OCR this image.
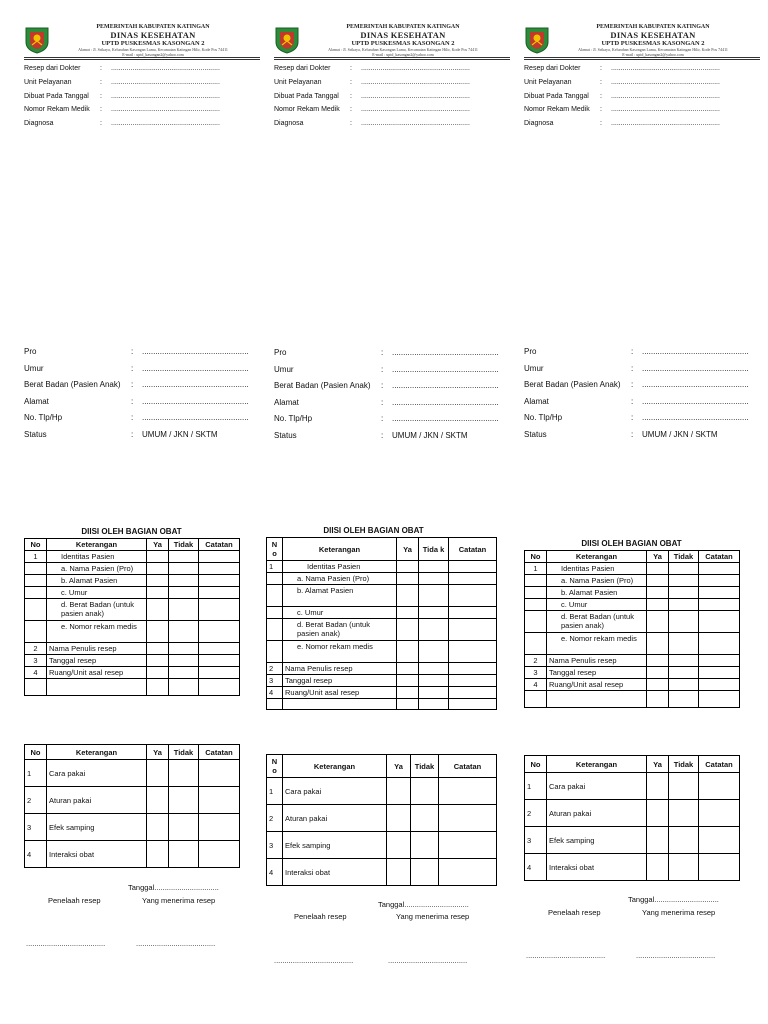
PEMERINTAH KABUPATEN KATINGAN
DINAS KESEHATAN
UPTD PUSKESMAS KASONGAN 2
Alamat : Jl. Srikaya, Kelurahan Kasongan Lama, Kecamatan Katingan Hilir, Kode Pos 74411
E-mail : uptd_kasongan2@yahoo.com
Resep dari Dokter	: ........................................................
Unit Pelayanan	: ........................................................
Dibuat Pada Tanggal : ........................................................
Nomor Rekam Medik : ........................................................
Diagnosa	: ........................................................
Pro	: ................................................
Umur	: ................................................
Berat Badan (Pasien Anak) : ................................................
Alamat	: ................................................
No. Tlp/Hp	: ................................................
Status	: UMUM / JKN / SKTM
DIISI OLEH BAGIAN OBAT
No	Keterangan	Ya	Tidak	Catatan
1	Identitas Pasien			
	a. Nama Pasien (Pro)			
	b. Alamat Pasien			
	c. Umur			
	d. Berat Badan (untuk pasien anak)			
	e. Nomor rekam medis			
2	Nama Penulis resep			
3	Tanggal resep			
4	Ruang/Unit asal resep			

No	Keterangan	Ya	Tidak	Catatan
1	Cara pakai			
2	Aturan pakai			
3	Efek samping			
4	Interaksi obat			
Tanggal...............................
Penelaah resep	Yang menerima resep
......................................	......................................
PEMERINTAH KABUPATEN KATINGAN
DINAS KESEHATAN
UPTD PUSKESMAS KASONGAN 2
Alamat : Jl. Srikaya, Kelurahan Kasongan Lama, Kecamatan Katingan Hilir, Kode Pos 74411
E-mail : uptd_kasongan2@yahoo.com
Resep dari Dokter	: ........................................................
Unit Pelayanan	: ........................................................
Dibuat Pada Tanggal : ........................................................
Nomor Rekam Medik : ........................................................
Diagnosa	: ........................................................
Pro	: ................................................
Umur	: ................................................
Berat Badan (Pasien Anak) : ................................................
Alamat	: ................................................
No. Tlp/Hp	: ................................................
Status	: UMUM / JKN / SKTM
DIISI OLEH BAGIAN OBAT
N o	Keterangan	Ya	Tida k	Catatan
1	Identitas Pasien			
	a. Nama Pasien (Pro)			
	b. Alamat Pasien			
	c. Umur			
	d. Berat Badan (untuk pasien anak)			
	e. Nomor rekam medis			
2	Nama Penulis resep			
3	Tanggal resep			
4	Ruang/Unit asal resep			

N o	Keterangan	Ya	Tidak	Catatan
1	Cara pakai			
2	Aturan pakai			
3	Efek samping			
4	Interaksi obat			
Tanggal...............................
Penelaah resep	Yang menerima resep
......................................	......................................
PEMERINTAH KABUPATEN KATINGAN
DINAS KESEHATAN
UPTD PUSKESMAS KASONGAN 2
Alamat : Jl. Srikaya, Kelurahan Kasongan Lama, Kecamatan Katingan Hilir, Kode Pos 74411
E-mail : uptd_kasongan2@yahoo.com
Resep dari Dokter	: ........................................................
Unit Pelayanan	: ........................................................
Dibuat Pada Tanggal : ........................................................
Nomor Rekam Medik : ........................................................
Diagnosa	: ........................................................
Pro	: ................................................
Umur	: ................................................
Berat Badan (Pasien Anak) : ................................................
Alamat	: ................................................
No. Tlp/Hp	: ................................................
Status	: UMUM / JKN / SKTM
DIISI OLEH BAGIAN OBAT
No	Keterangan	Ya	Tidak	Catatan
1	Identitas Pasien			
	a. Nama Pasien (Pro)			
	b. Alamat Pasien			
	c. Umur			
	d. Berat Badan (untuk pasien anak)			
	e. Nomor rekam medis			
2	Nama Penulis resep			
3	Tanggal resep			
4	Ruang/Unit asal resep			

No	Keterangan	Ya	Tidak	Catatan
1	Cara pakai			
2	Aturan pakai			
3	Efek samping			
4	Interaksi obat			
Tanggal...............................
Penelaah resep	Yang menerima resep
......................................	......................................
